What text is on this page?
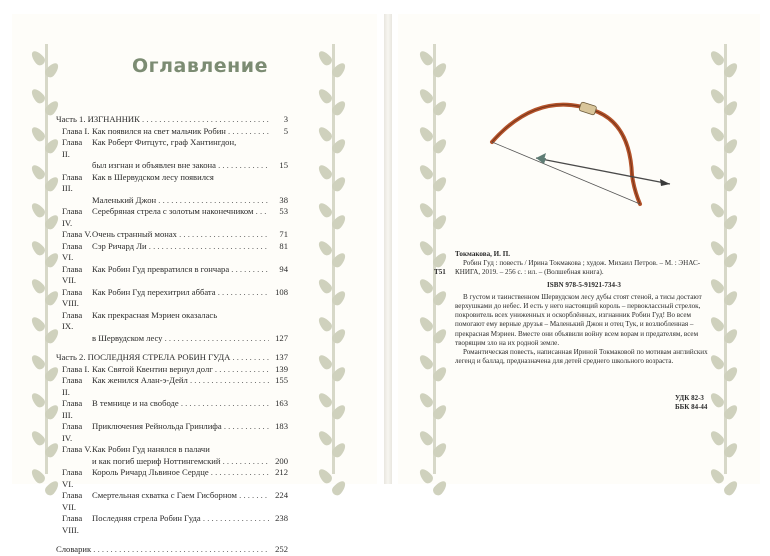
Оглавление
Часть 1. ИЗГНАННИК . . .	3
Глава I. Как появился на свет мальчик Робин . . .	5
Глава II.
Как Роберт Фитцутс, граф Хантингдон,
был изгнан и объявлен вне закона . . .	15
Глава III.
Как в Шервудском лесу появился
Маленький Джон . . .	38
Глава IV.
Серебряная стрела с золотым наконечником . . .	53
Глава V. Очень странный монах . . .	71
Глава VI.
Сэр Ричард Ли . . .	81
Глава VII.
Как Робин Гуд превратился в гончара . . .	94
Глава VIII.
Как Робин Гуд перехитрил аббата . . .	108
Глава IX.
Как прекрасная Мэриен оказалась
в Шервудском лесу . . .	127
Часть 2. ПОСЛЕДНЯЯ СТРЕЛА РОБИН ГУДА . . .	137
Глава I. Как Святой Квентин вернул долг . . .	139
Глава II.
Как женился Алан-э-Дейл . . .	155
Глава III.
В темнице и на свободе . . .	163
Глава IV.
Приключения Рейнольда Гринлифа . . .	183
Глава V. Как Робин Гуд нанялся в палачи
и как погиб шериф Ноттингемский . . .	200
Глава VI.
Король Ричард Львиное Сердце . . .	212
Глава VII.
Смертельная схватка с Гаем Гисборном . . .	224
Глава VIII.
Последняя стрела Робин Гуда . . .	238
Словарик . . .	252
Т51
Токмакова, И. П.
Робин Гуд : повесть / Ирина Токмакова ; худож. Михаил Петров. – М. : ЭНАС-КНИГА, 2019. – 256 с. : ил. – (Волшебная книга).
ISBN 978-5-91921-734-3

В густом и таинственном Шервудском лесу дубы стоят стеной, а тисы достают верхушками до небес. И есть у него настоящий король – первоклассный стрелок, покровитель всех униженных и оскорблённых, изгнанник Робин Гуд! Во всем помогают ему верные друзья – Маленький Джон и отец Тук, и возлюбленная – прекрасная Мэриен. Вместе они объявили войну всем ворам и предателям, всем творящим зло на их родной земле.

Романтическая повесть, написанная Ириной Токмаковой по мотивам английских легенд и баллад, предназначена для детей среднего школьного возраста.

УДК 82-3
ББК 84-44
